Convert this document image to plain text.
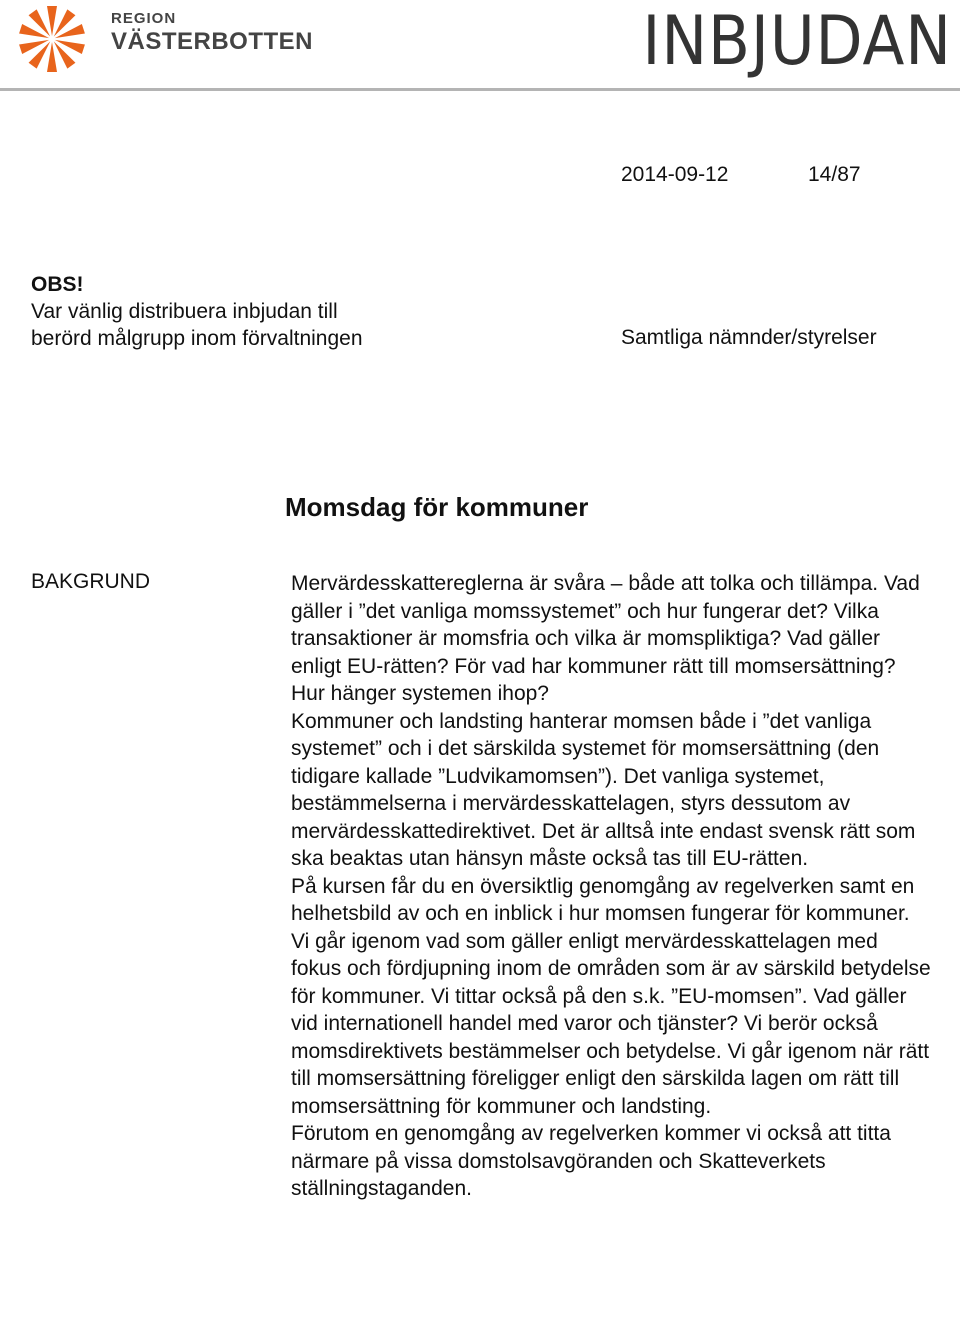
REGION
VÄSTERBOTTEN	INBJUDAN
2014-09-12	14/87
OBS!
Var vänlig distribuera inbjudan till
berörd målgrupp inom förvaltningen	Samtliga nämnder/styrelser
Momsdag för kommuner
BAKGRUND	Mervärdesskattereglerna är svåra – både att tolka och tillämpa. Vad gäller i ”det vanliga momssystemet” och hur fungerar det? Vilka transaktioner är momsfria och vilka är momspliktiga? Vad gäller enligt EU-rätten? För vad har kommuner rätt till momsersättning? Hur hänger systemen ihop?

Kommuner och landsting hanterar momsen både i ”det vanliga systemet” och i det särskilda systemet för momsersättning (den tidigare kallade ”Ludvikamomsen”). Det vanliga systemet, bestämmelserna i mervärdesskattelagen, styrs dessutom av mervärdesskattedirektivet. Det är alltså inte endast svensk rätt som ska beaktas utan hänsyn måste också tas till EU-rätten.

På kursen får du en översiktlig genomgång av regelverken samt en helhetsbild av och en inblick i hur momsen fungerar för kommuner. Vi går igenom vad som gäller enligt mervärdesskattelagen med fokus och fördjupning inom de områden som är av särskild betydelse för kommuner. Vi tittar också på den s.k. ”EU-momsen”. Vad gäller vid internationell handel med varor och tjänster? Vi berör också momsdirektivets bestämmelser och betydelse. Vi går igenom när rätt till momsersättning föreligger enligt den särskilda lagen om rätt till momsersättning för kommuner och landsting.

Förutom en genomgång av regelverken kommer vi också att titta närmare på vissa domstolsavgöranden och Skatteverkets ställningstaganden.
